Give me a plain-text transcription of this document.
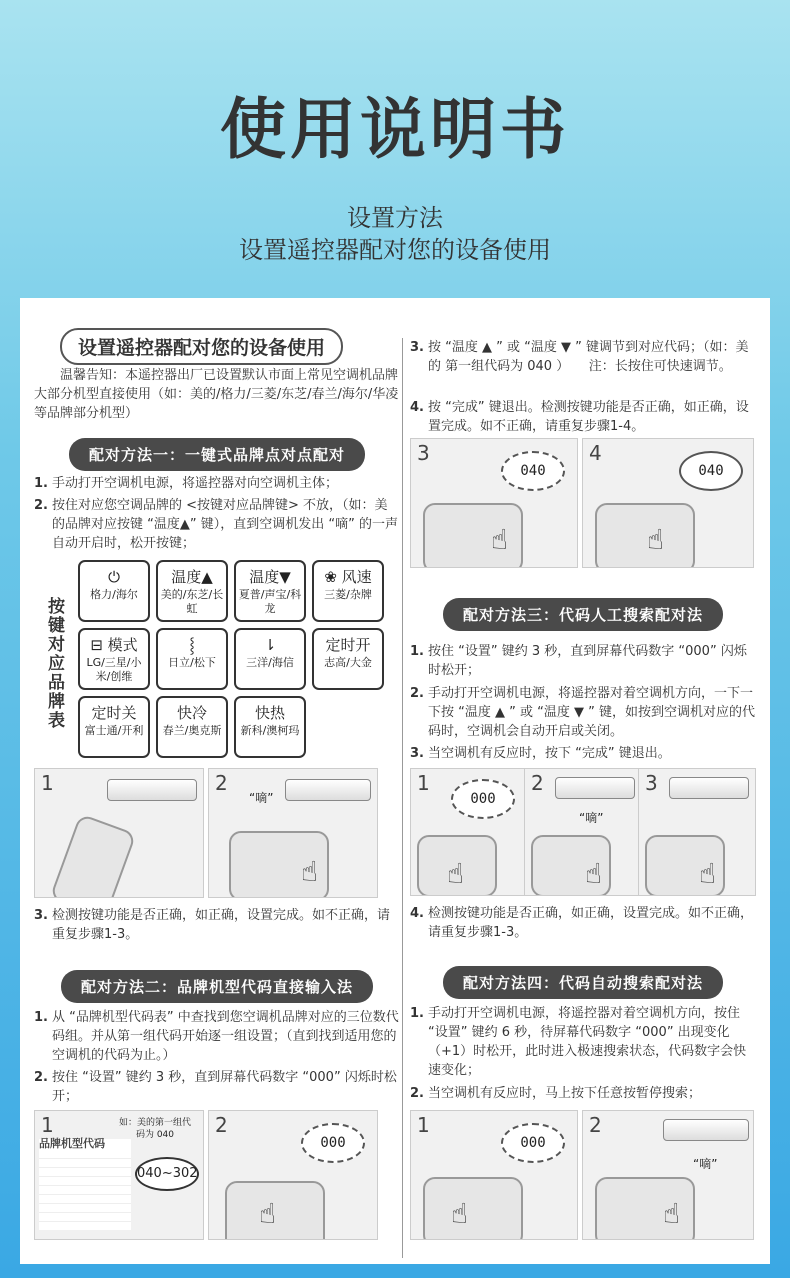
使用说明书
设置方法
设置遥控器配对您的设备使用
设置遥控器配对您的设备使用
温馨告知：本遥控器出厂已设置默认市面上常见空调机品牌大部分机型直接使用（如：美的/格力/三菱/东芝/春兰/海尔/华凌等品牌部分机型）
配对方法一：一键式品牌点对点配对
1. 手动打开空调机电源，将遥控器对向空调机主体；
2. 按住对应您空调品牌的 <按键对应品牌键> 不放，（如：美的品牌对应按键 “温度▲” 键），直到空调机发出 “嘀” 的一声自动开启时，松开按键；
按键对应品牌表
⏻
格力/海尔
温度▲
美的/东芝/长虹
温度▼
夏普/声宝/科龙
❀ 风速
三菱/杂牌
⊟ 模式
LG/三星/小米/创维
⸾
日立/松下
⇂
三洋/海信
定时开
志高/大金
定时关
富士通/开利
快冷
春兰/奥克斯
快热
新科/澳柯玛
1	2
“嘀”
☝
3. 检测按键功能是否正确，如正确，设置完成。如不正确，请重复步骤1-3。
配对方法二：品牌机型代码直接输入法
1. 从 “品牌机型代码表” 中查找到您空调机品牌对应的三位数代码组。并从第一组代码开始逐一组设置；（直到找到适用您的空调机的代码为止。）
2. 按住 “设置” 键约 3 秒，直到屏幕代码数字 “000” 闪烁时松开；
1	如：美的第一组代码为 040
品牌机型代码
040~302
2
000
☝
3. 按 “温度 ▲ ” 或 “温度 ▼ ” 键调节到对应代码；（如：美的 第一组代码为 040 ）　　注：长按住可快速调节。
4. 按 “完成” 键退出。检测按键功能是否正确，如正确，设置完成。如不正确，请重复步骤1-4。
3
040
☝
4
040
☝
配对方法三：代码人工搜索配对法
1. 按住 “设置” 键约 3 秒，直到屏幕代码数字 “000” 闪烁时松开；
2. 手动打开空调机电源，将遥控器对着空调机方向，一下一下按 “温度 ▲ ” 或 “温度 ▼ ” 键，如按到空调机对应的代码时，空调机会自动开启或关闭。
3. 当空调机有反应时，按下 “完成” 键退出。
1
000
☝
2
“嘀”
☝
3
☝
4. 检测按键功能是否正确，如正确，设置完成。如不正确，请重复步骤1-3。
配对方法四：代码自动搜索配对法
1. 手动打开空调机电源，将遥控器对着空调机方向，按住 “设置” 键约 6 秒，待屏幕代码数字 “000” 出现变化（+1）时松开，此时进入极速搜索状态，代码数字会快速变化；
2. 当空调机有反应时，马上按下任意按暂停搜索；
1
000
☝
2
“嘀”
☝
